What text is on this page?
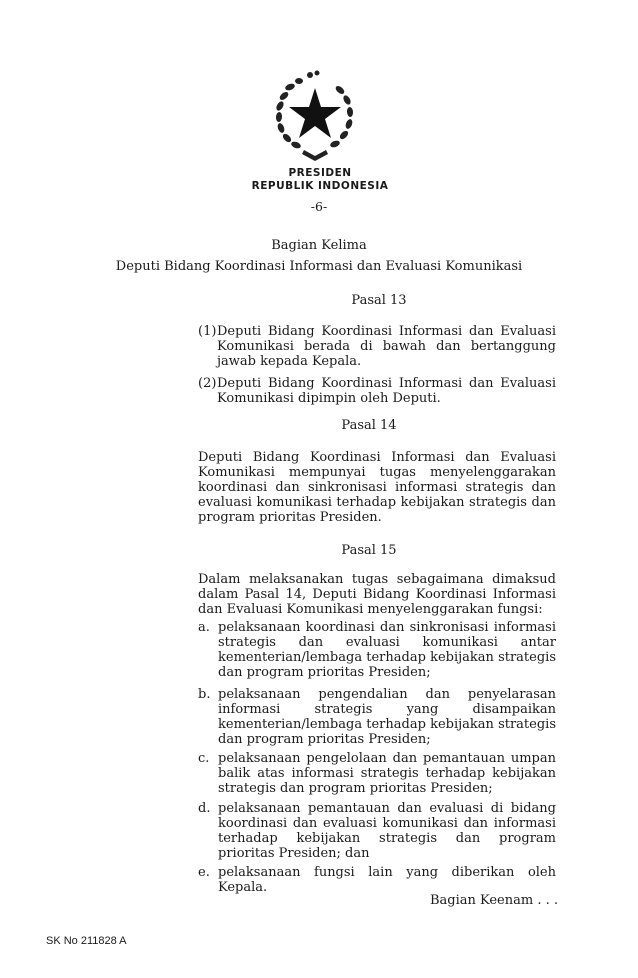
PRESIDEN
REPUBLIK INDONESIA
-6-
Bagian Kelima
Deputi Bidang Koordinasi Informasi dan Evaluasi Komunikasi
Pasal 13
(1) Deputi Bidang Koordinasi Informasi dan Evaluasi Komunikasi berada di bawah dan bertanggung jawab kepada Kepala.
(2) Deputi Bidang Koordinasi Informasi dan Evaluasi Komunikasi dipimpin oleh Deputi.
Pasal 14
Deputi Bidang Koordinasi Informasi dan Evaluasi Komunikasi mempunyai tugas menyelenggarakan koordinasi dan sinkronisasi informasi strategis dan evaluasi komunikasi terhadap kebijakan strategis dan program prioritas Presiden.
Pasal 15
Dalam melaksanakan tugas sebagaimana dimaksud dalam Pasal 14, Deputi Bidang Koordinasi Informasi dan Evaluasi Komunikasi menyelenggarakan fungsi:
a. pelaksanaan koordinasi dan sinkronisasi informasi strategis dan evaluasi komunikasi antar kementerian/lembaga terhadap kebijakan strategis dan program prioritas Presiden;
b. pelaksanaan pengendalian dan penyelarasan informasi strategis yang disampaikan kementerian/lembaga terhadap kebijakan strategis dan program prioritas Presiden;
c. pelaksanaan pengelolaan dan pemantauan umpan balik atas informasi strategis terhadap kebijakan strategis dan program prioritas Presiden;
d. pelaksanaan pemantauan dan evaluasi di bidang koordinasi dan evaluasi komunikasi dan informasi terhadap kebijakan strategis dan program prioritas Presiden; dan
e. pelaksanaan fungsi lain yang diberikan oleh Kepala.
Bagian Keenam . . .
SK No 211828 A
